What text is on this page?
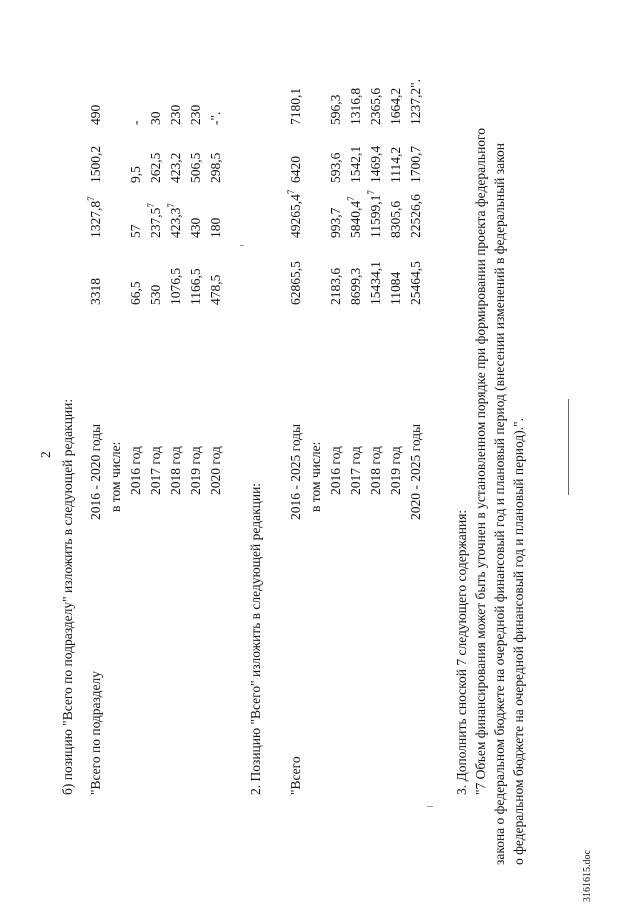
2 б) позицию "Всего по подразделу" изложить в следующей редакции: "Всего по подразделу
2016 - 2020 годы
3318
1327,8$^7$
1500,2
490
в том числе: 2016 год
66,5
57
9,5
-
2017 год
530
237,5$^7$
262,5
30
2018 год
1076,5
423,3$^7$
423,2
230
2019 год
1166,5
430
506,5
230
2020 год
478,5
180
298,5
-".
2. Позицию "Всего" изложить в следующей редакции: "Всего
2016 - 2025 годы
62865,5
49265,4$^7$
6420
7180,1
в том числе: 2016 год
2183,6
993,7
593,6
596,3
2017 год
8699,3
5840,4$^7$
1542,1
1316,8
2018 год
15434,1
11599,1$^7$
1469,4
2365,6
2019 год
11084
8305,6
1114,2
1664,2
2020 - 2025 годы
25464,5
22526,6
1700,7
1237,2".
3. Дополнить сноской 7 следующего содержания: "7 Объем финансирования может быть уточнен в установленном порядке при формировании проекта федерального закона о федеральном бюджете на очередной финансовый год и плановый период (внесении изменений в федеральный закон о федеральном бюджете на очередной финансовый год и плановый период).".
3161615.doc
